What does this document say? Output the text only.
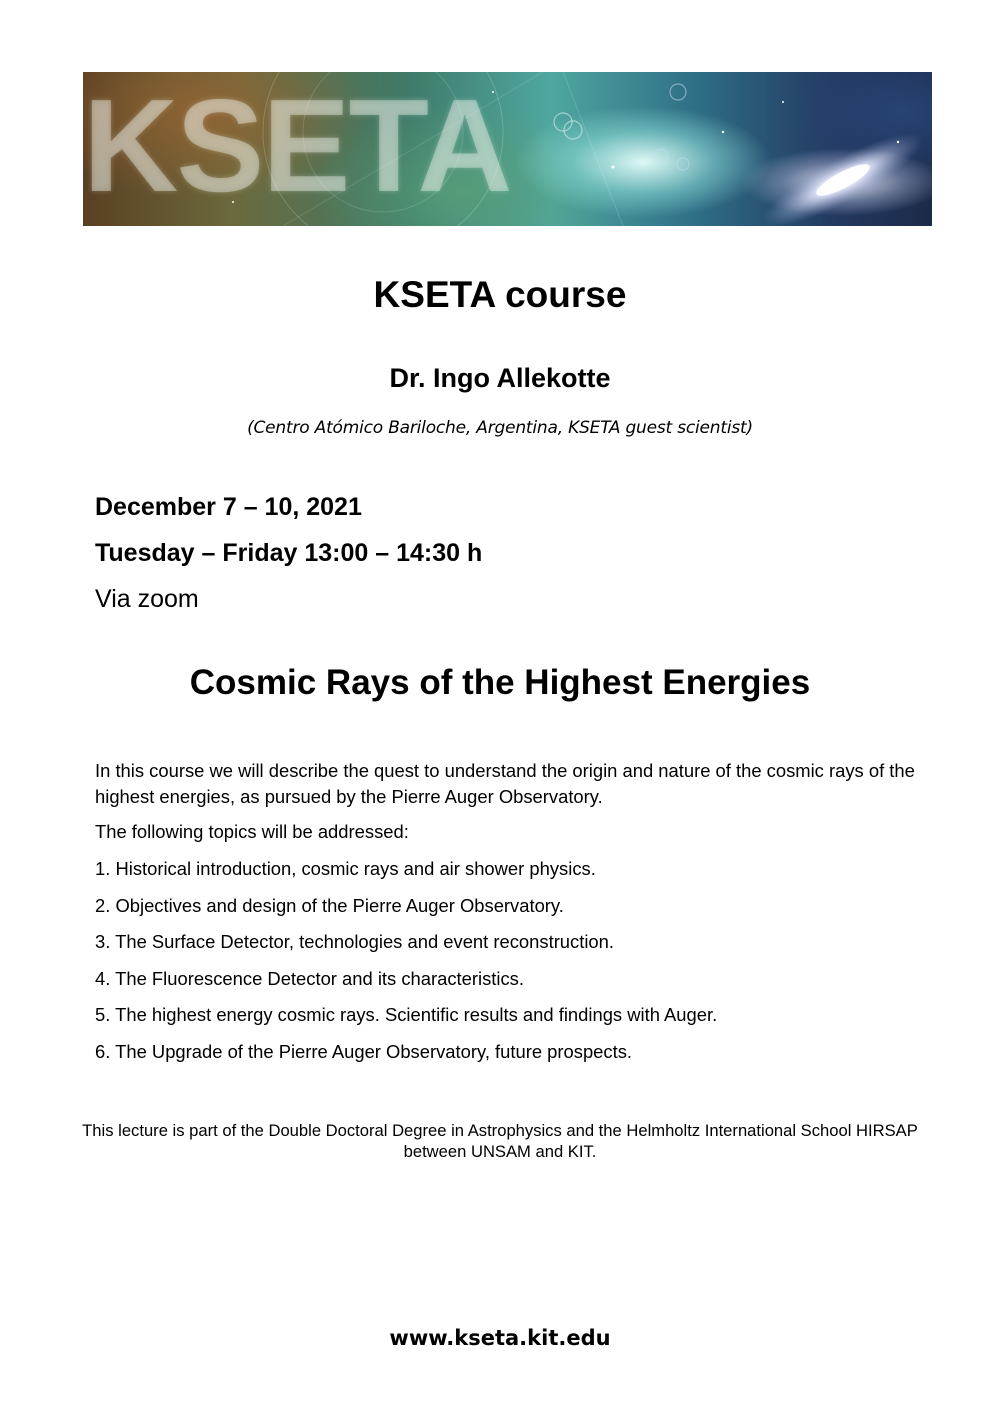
KSETA
KSETA course
Dr. Ingo Allekotte
(Centro Atómico Bariloche, Argentina, KSETA guest scientist)
December 7 – 10, 2021
Tuesday – Friday 13:00 – 14:30 h
Via zoom
Cosmic Rays of the Highest Energies
In this course we will describe the quest to understand the origin and nature of the cosmic rays of the highest energies, as pursued by the Pierre Auger Observatory.
The following topics will be addressed:
1. Historical introduction, cosmic rays and air shower physics.
2. Objectives and design of the Pierre Auger Observatory.
3. The Surface Detector, technologies and event reconstruction.
4. The Fluorescence Detector and its characteristics.
5. The highest energy cosmic rays. Scientific results and findings with Auger.
6. The Upgrade of the Pierre Auger Observatory, future prospects.
This lecture is part of the Double Doctoral Degree in Astrophysics and the Helmholtz International School HIRSAP between UNSAM and KIT.
www.kseta.kit.edu
